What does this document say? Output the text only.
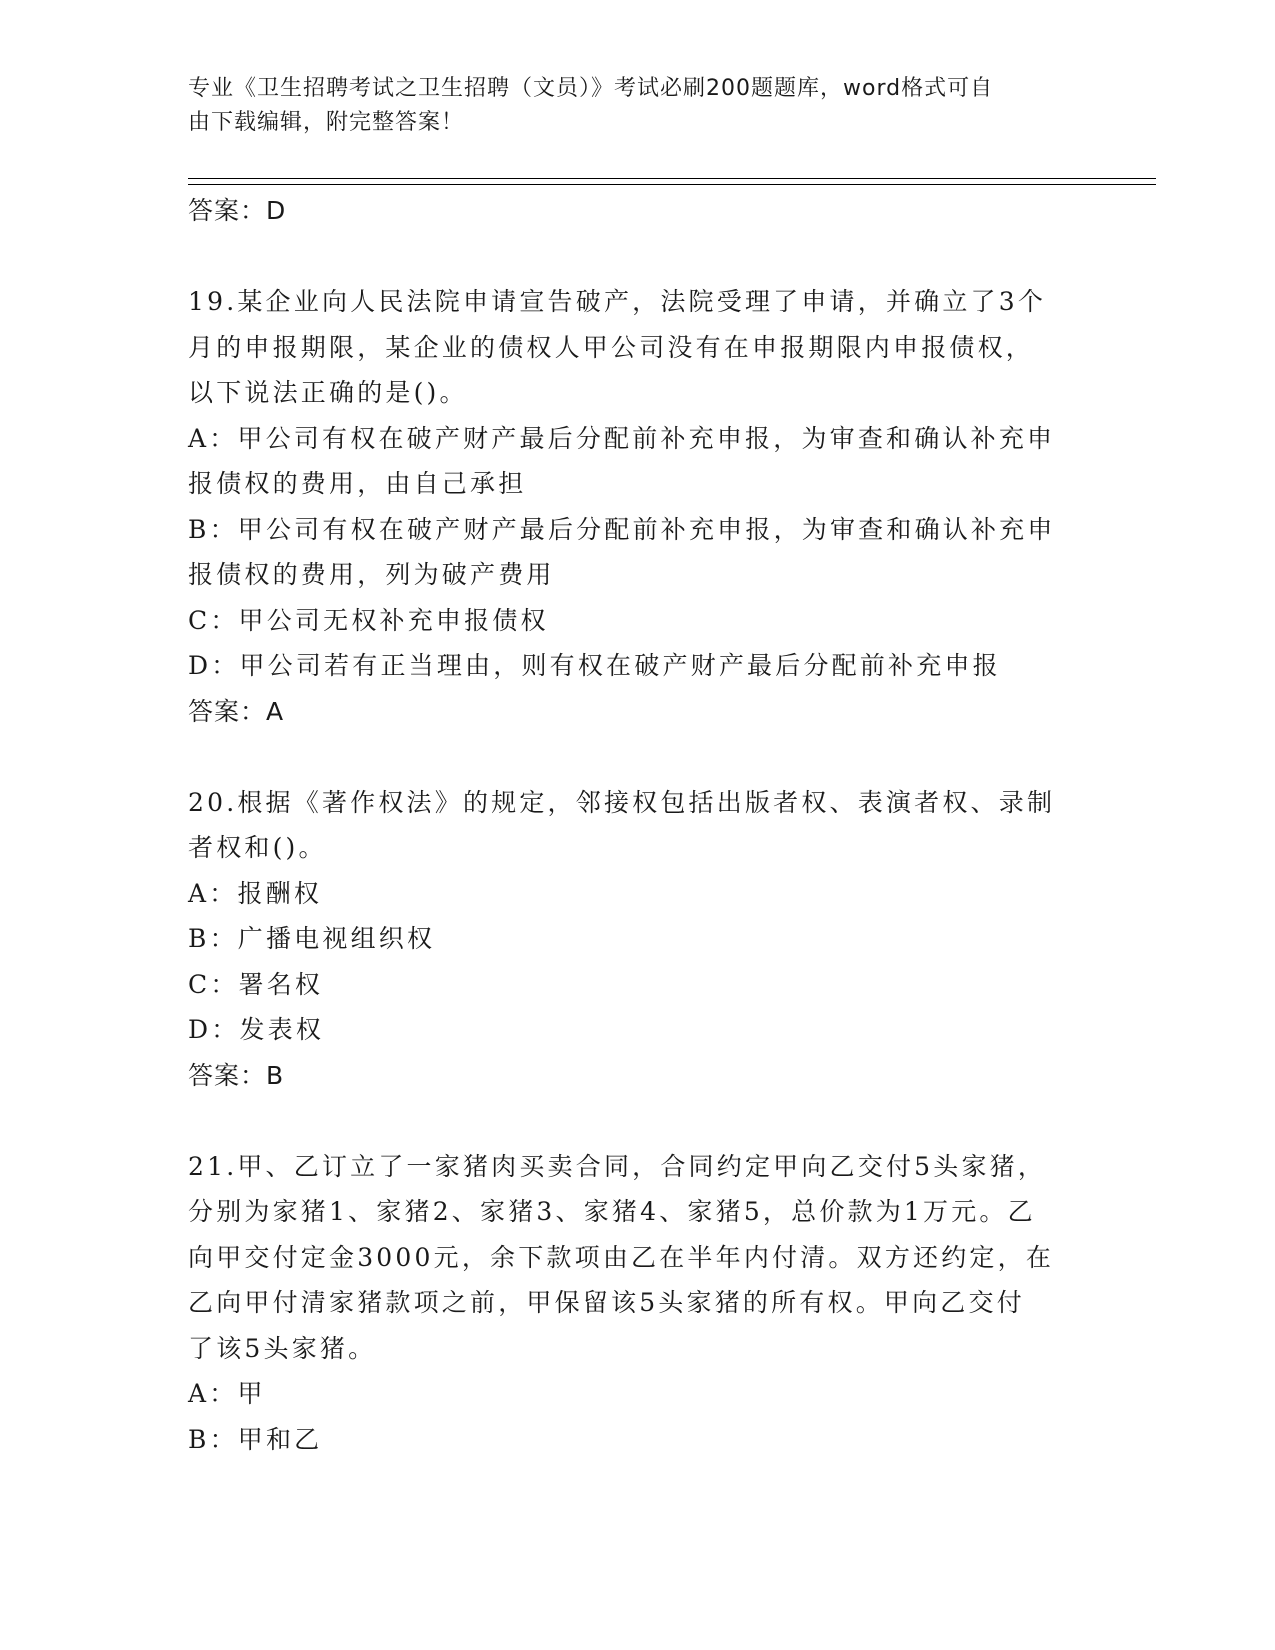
专业《卫生招聘考试之卫生招聘（文员）》考试必刷200题题库，word格式可自
由下载编辑，附完整答案！
答案：D
19.某企业向人民法院申请宣告破产，法院受理了申请，并确立了3个
月的申报期限，某企业的债权人甲公司没有在申报期限内申报债权，
以下说法正确的是()。
A：甲公司有权在破产财产最后分配前补充申报，为审查和确认补充申
报债权的费用，由自己承担
B：甲公司有权在破产财产最后分配前补充申报，为审查和确认补充申
报债权的费用，列为破产费用
C：甲公司无权补充申报债权
D：甲公司若有正当理由，则有权在破产财产最后分配前补充申报
答案：A
20.根据《著作权法》的规定，邻接权包括出版者权、表演者权、录制
者权和()。
A：报酬权
B：广播电视组织权
C：署名权
D：发表权
答案：B
21.甲、乙订立了一家猪肉买卖合同，合同约定甲向乙交付5头家猪，
分别为家猪1、家猪2、家猪3、家猪4、家猪5，总价款为1万元。乙
向甲交付定金3000元，余下款项由乙在半年内付清。双方还约定，在
乙向甲付清家猪款项之前，甲保留该5头家猪的所有权。甲向乙交付
了该5头家猪。
A：甲
B：甲和乙
